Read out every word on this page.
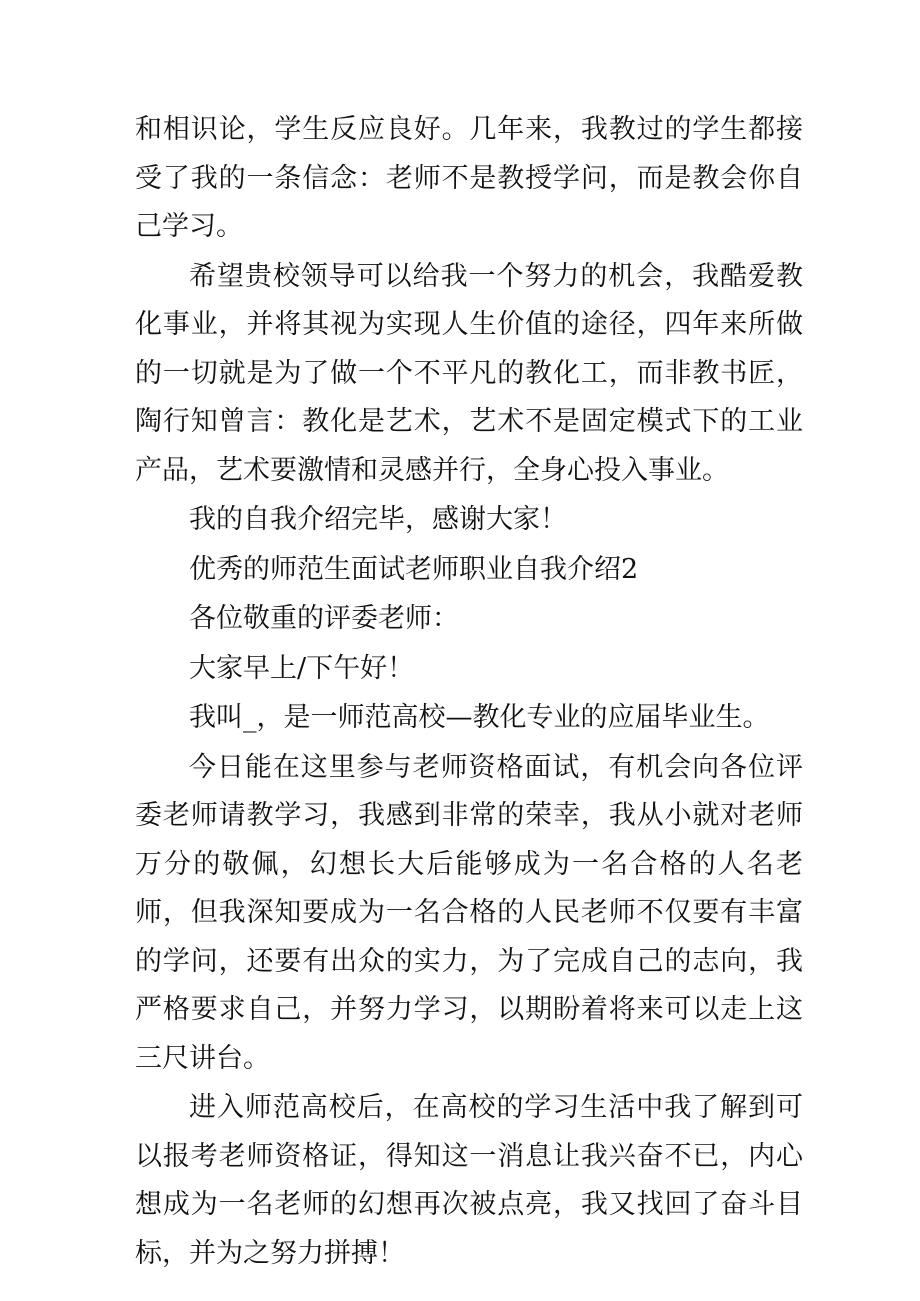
和相识论，学生反应良好。几年来，我教过的学生都接受了我的一条信念：老师不是教授学问，而是教会你自己学习。

希望贵校领导可以给我一个努力的机会，我酷爱教化事业，并将其视为实现人生价值的途径，四年来所做的一切就是为了做一个不平凡的教化工，而非教书匠，陶行知曾言：教化是艺术，艺术不是固定模式下的工业产品，艺术要激情和灵感并行，全身心投入事业。

我的自我介绍完毕，感谢大家！

优秀的师范生面试老师职业自我介绍2

各位敬重的评委老师：

大家早上/下午好！

我叫_，是一师范高校—教化专业的应届毕业生。

今日能在这里参与老师资格面试，有机会向各位评委老师请教学习，我感到非常的荣幸，我从小就对老师万分的敬佩，幻想长大后能够成为一名合格的人名老师，但我深知要成为一名合格的人民老师不仅要有丰富的学问，还要有出众的实力，为了完成自己的志向，我严格要求自己，并努力学习，以期盼着将来可以走上这三尺讲台。

进入师范高校后，在高校的学习生活中我了解到可以报考老师资格证，得知这一消息让我兴奋不已，内心想成为一名老师的幻想再次被点亮，我又找回了奋斗目标，并为之努力拼搏！
